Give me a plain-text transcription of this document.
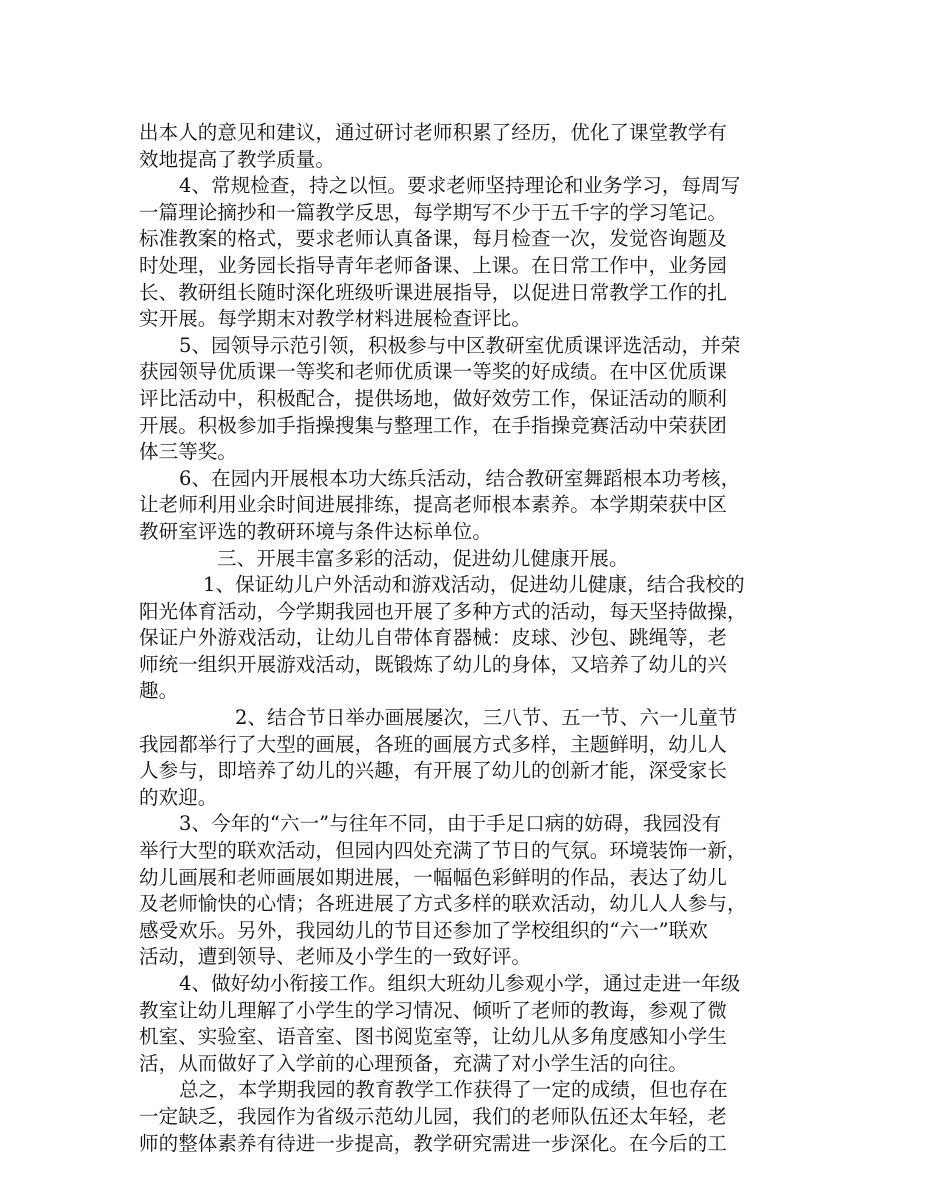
出本人的意见和建议，通过研讨老师积累了经历，优化了课堂教学有
效地提高了教学质量。
4、常规检查，持之以恒。要求老师坚持理论和业务学习，每周写
一篇理论摘抄和一篇教学反思，每学期写不少于五千字的学习笔记。
标准教案的格式，要求老师认真备课，每月检查一次，发觉咨询题及
时处理，业务园长指导青年老师备课、上课。在日常工作中，业务园
长、教研组长随时深化班级听课进展指导，以促进日常教学工作的扎
实开展。每学期末对教学材料进展检查评比。
5、园领导示范引领，积极参与中区教研室优质课评选活动，并荣
获园领导优质课一等奖和老师优质课一等奖的好成绩。在中区优质课
评比活动中，积极配合，提供场地，做好效劳工作，保证活动的顺利
开展。积极参加手指操搜集与整理工作，在手指操竞赛活动中荣获团
体三等奖。
6、在园内开展根本功大练兵活动，结合教研室舞蹈根本功考核，
让老师利用业余时间进展排练，提高老师根本素养。本学期荣获中区
教研室评选的教研环境与条件达标单位。
三、开展丰富多彩的活动，促进幼儿健康开展。
1、保证幼儿户外活动和游戏活动，促进幼儿健康，结合我校的
阳光体育活动，今学期我园也开展了多种方式的活动，每天坚持做操，
保证户外游戏活动，让幼儿自带体育器械：皮球、沙包、跳绳等，老
师统一组织开展游戏活动，既锻炼了幼儿的身体，又培养了幼儿的兴
趣。
2、结合节日举办画展屡次，三八节、五一节、六一儿童节
我园都举行了大型的画展，各班的画展方式多样，主题鲜明，幼儿人
人参与，即培养了幼儿的兴趣，有开展了幼儿的创新才能，深受家长
的欢迎。
3、今年的“六一”与往年不同，由于手足口病的妨碍，我园没有
举行大型的联欢活动，但园内四处充满了节日的气氛。环境装饰一新，
幼儿画展和老师画展如期进展，一幅幅色彩鲜明的作品，表达了幼儿
及老师愉快的心情；各班进展了方式多样的联欢活动，幼儿人人参与，
感受欢乐。另外，我园幼儿的节目还参加了学校组织的“六一”联欢
活动，遭到领导、老师及小学生的一致好评。
4、做好幼小衔接工作。组织大班幼儿参观小学，通过走进一年级
教室让幼儿理解了小学生的学习情况、倾听了老师的教诲，参观了微
机室、实验室、语音室、图书阅览室等，让幼儿从多角度感知小学生
活，从而做好了入学前的心理预备，充满了对小学生活的向往。
总之，本学期我园的教育教学工作获得了一定的成绩，但也存在
一定缺乏，我园作为省级示范幼儿园，我们的老师队伍还太年轻，老
师的整体素养有待进一步提高，教学研究需进一步深化。在今后的工
